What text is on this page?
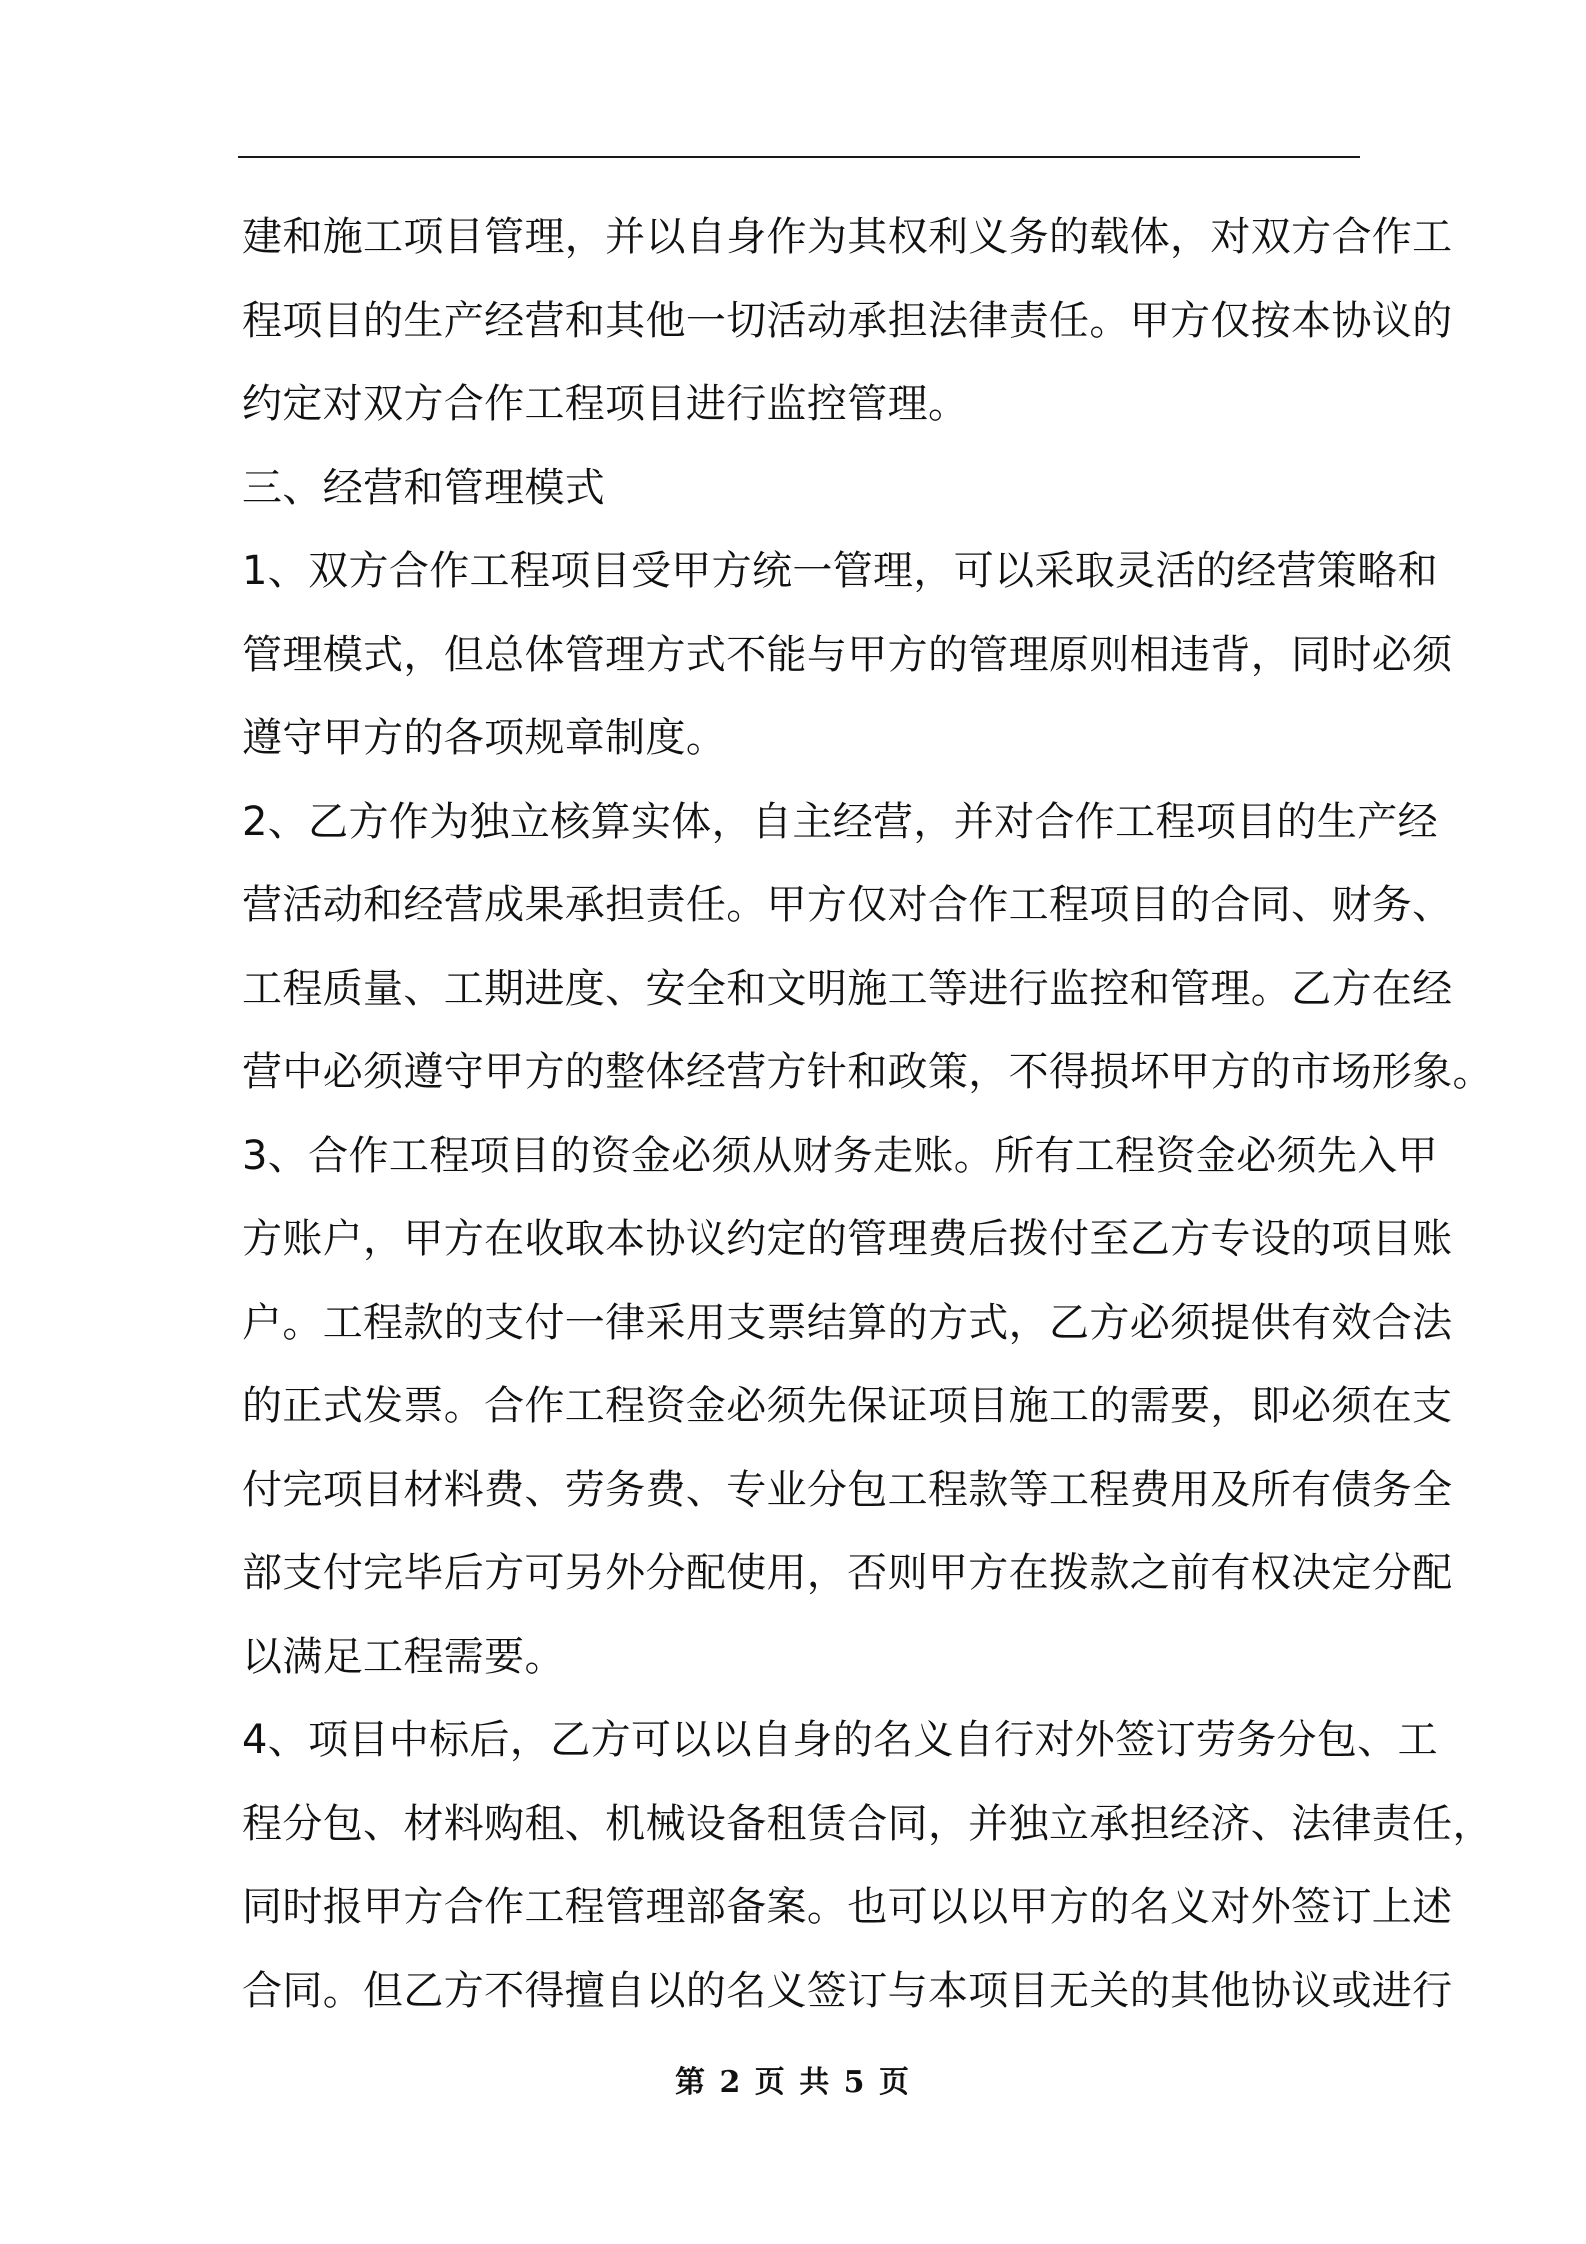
建和施工项目管理，并以自身作为其权利义务的载体，对双方合作工
程项目的生产经营和其他一切活动承担法律责任。甲方仅按本协议的
约定对双方合作工程项目进行监控管理。
三、经营和管理模式
1、双方合作工程项目受甲方统一管理，可以采取灵活的经营策略和
管理模式，但总体管理方式不能与甲方的管理原则相违背，同时必须
遵守甲方的各项规章制度。
2、乙方作为独立核算实体，自主经营，并对合作工程项目的生产经
营活动和经营成果承担责任。甲方仅对合作工程项目的合同、财务、
工程质量、工期进度、安全和文明施工等进行监控和管理。乙方在经
营中必须遵守甲方的整体经营方针和政策，不得损坏甲方的市场形象。
3、合作工程项目的资金必须从财务走账。所有工程资金必须先入甲
方账户，甲方在收取本协议约定的管理费后拨付至乙方专设的项目账
户。工程款的支付一律采用支票结算的方式，乙方必须提供有效合法
的正式发票。合作工程资金必须先保证项目施工的需要，即必须在支
付完项目材料费、劳务费、专业分包工程款等工程费用及所有债务全
部支付完毕后方可另外分配使用，否则甲方在拨款之前有权决定分配
以满足工程需要。
4、项目中标后，乙方可以以自身的名义自行对外签订劳务分包、工
程分包、材料购租、机械设备租赁合同，并独立承担经济、法律责任，
同时报甲方合作工程管理部备案。也可以以甲方的名义对外签订上述
合同。但乙方不得擅自以的名义签订与本项目无关的其他协议或进行
第 2 页 共 5 页
